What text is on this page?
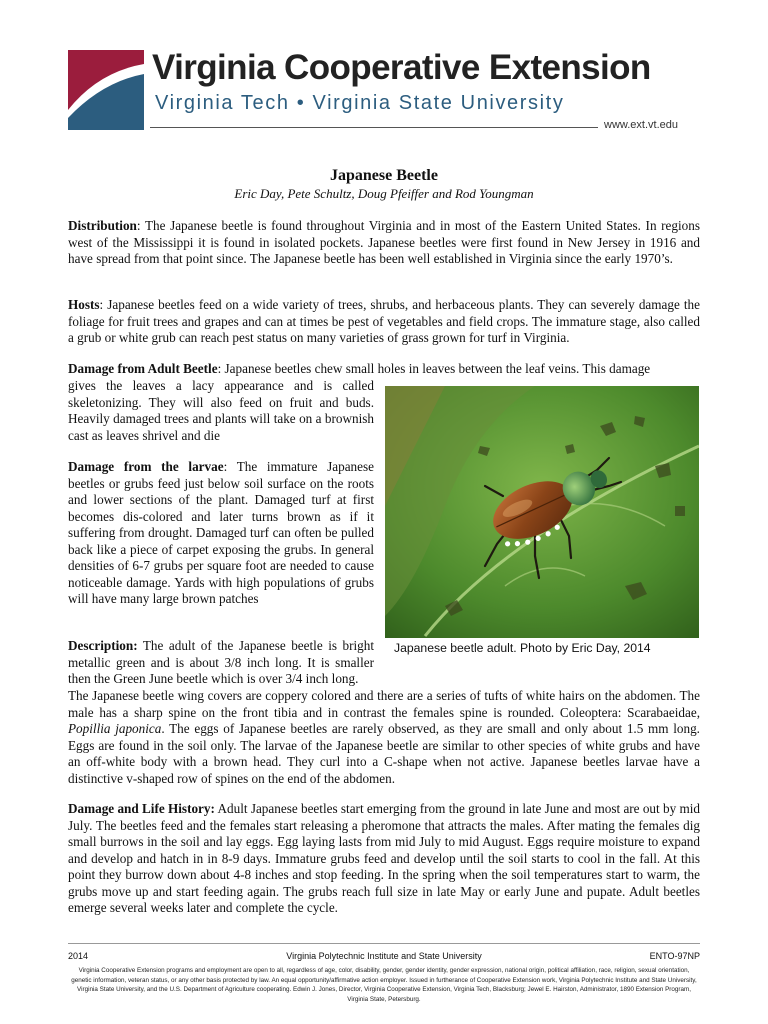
Virginia Cooperative Extension
Virginia Tech • Virginia State University
www.ext.vt.edu
Japanese Beetle
Eric Day, Pete Schultz, Doug Pfeiffer and Rod Youngman

Distribution: The Japanese beetle is found throughout Virginia and in most of the Eastern United States. In regions west of the Mississippi it is found in isolated pockets. Japanese beetles were first found in New Jersey in 1916 and have spread from that point since. The Japanese beetle has been well established in Virginia since the early 1970’s.

Hosts: Japanese beetles feed on a wide variety of trees, shrubs, and herbaceous plants. They can severely damage the foliage for fruit trees and grapes and can at times be pest of vegetables and field crops. The immature stage, also called a grub or white grub can reach pest status on many varieties of grass grown for turf in Virginia.

Damage from Adult Beetle: Japanese beetles chew small holes in leaves between the leaf veins. This damage

gives the leaves a lacy appearance and is called skeletonizing. They will also feed on fruit and buds. Heavily damaged trees and plants will take on a brownish cast as leaves shrivel and die

Damage from the larvae: The immature Japanese beetles or grubs feed just below soil surface on the roots and lower sections of the plant. Damaged turf at first becomes dis-colored and later turns brown as if it suffering from drought. Damaged turf can often be pulled back like a piece of carpet exposing the grubs. In general densities of 6-7 grubs per square foot are needed to cause noticeable damage. Yards with high populations of grubs will have many large brown patches

Description: The adult of the Japanese beetle is bright metallic green and is about 3/8 inch long. It is smaller then the Green June beetle which is over 3/4 inch long.

The Japanese beetle wing covers are coppery colored and there are a series of tufts of white hairs on the abdomen. The male has a sharp spine on the front tibia and in contrast the females spine is rounded. Coleoptera: Scarabaeidae, Popillia japonica. The eggs of Japanese beetles are rarely observed, as they are small and only about 1.5 mm long. Eggs are found in the soil only. The larvae of the Japanese beetle are similar to other species of white grubs and have an off-white body with a brown head. They curl into a C-shape when not active. Japanese beetles larvae have a distinctive v-shaped row of spines on the end of the abdomen.

Damage and Life History: Adult Japanese beetles start emerging from the ground in late June and most are out by mid July. The beetles feed and the females start releasing a pheromone that attracts the males. After mating the females dig small burrows in the soil and lay eggs. Egg laying lasts from mid July to mid August. Eggs require moisture to expand and develop and hatch in in 8-9 days. Immature grubs feed and develop until the soil starts to cool in the fall. At this point they burrow down about 4-8 inches and stop feeding. In the spring when the soil temperatures start to warm, the grubs move up and start feeding again. The grubs reach full size in late May or early June and pupate. Adult beetles emerge several weeks later and complete the cycle.

Japanese beetle adult. Photo by Eric Day, 2014
2014	Virginia Polytechnic Institute and State University	ENTO-97NP
Virginia Cooperative Extension programs and employment are open to all, regardless of age, color, disability, gender, gender identity, gender expression, national origin, political affiliation, race, religion, sexual orientation, genetic information, veteran status, or any other basis protected by law. An equal opportunity/affirmative action employer. Issued in furtherance of Cooperative Extension work, Virginia Polytechnic Institute and State University, Virginia State University, and the U.S. Department of Agriculture cooperating. Edwin J. Jones, Director, Virginia Cooperative Extension, Virginia Tech, Blacksburg; Jewel E. Hairston, Administrator, 1890 Extension Program, Virginia State, Petersburg.
